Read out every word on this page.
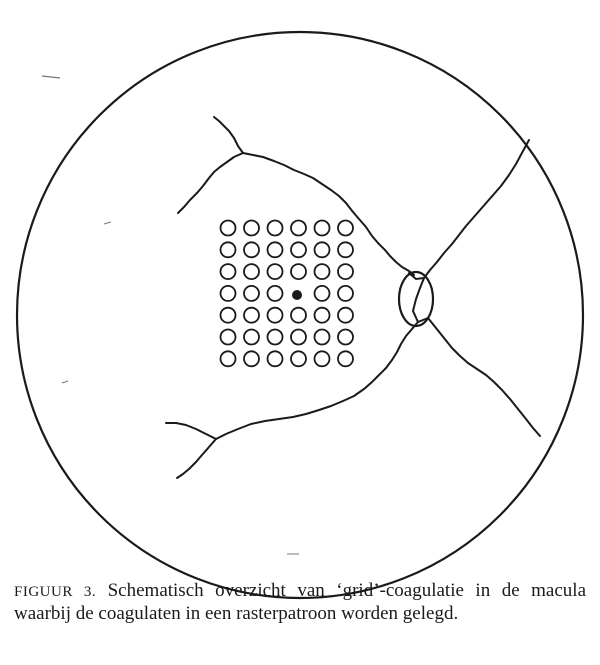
FIGUUR 3. Schematisch overzicht van ‘grid’-coagulatie in de macula waarbij de coagulaten in een rasterpatroon worden gelegd.
